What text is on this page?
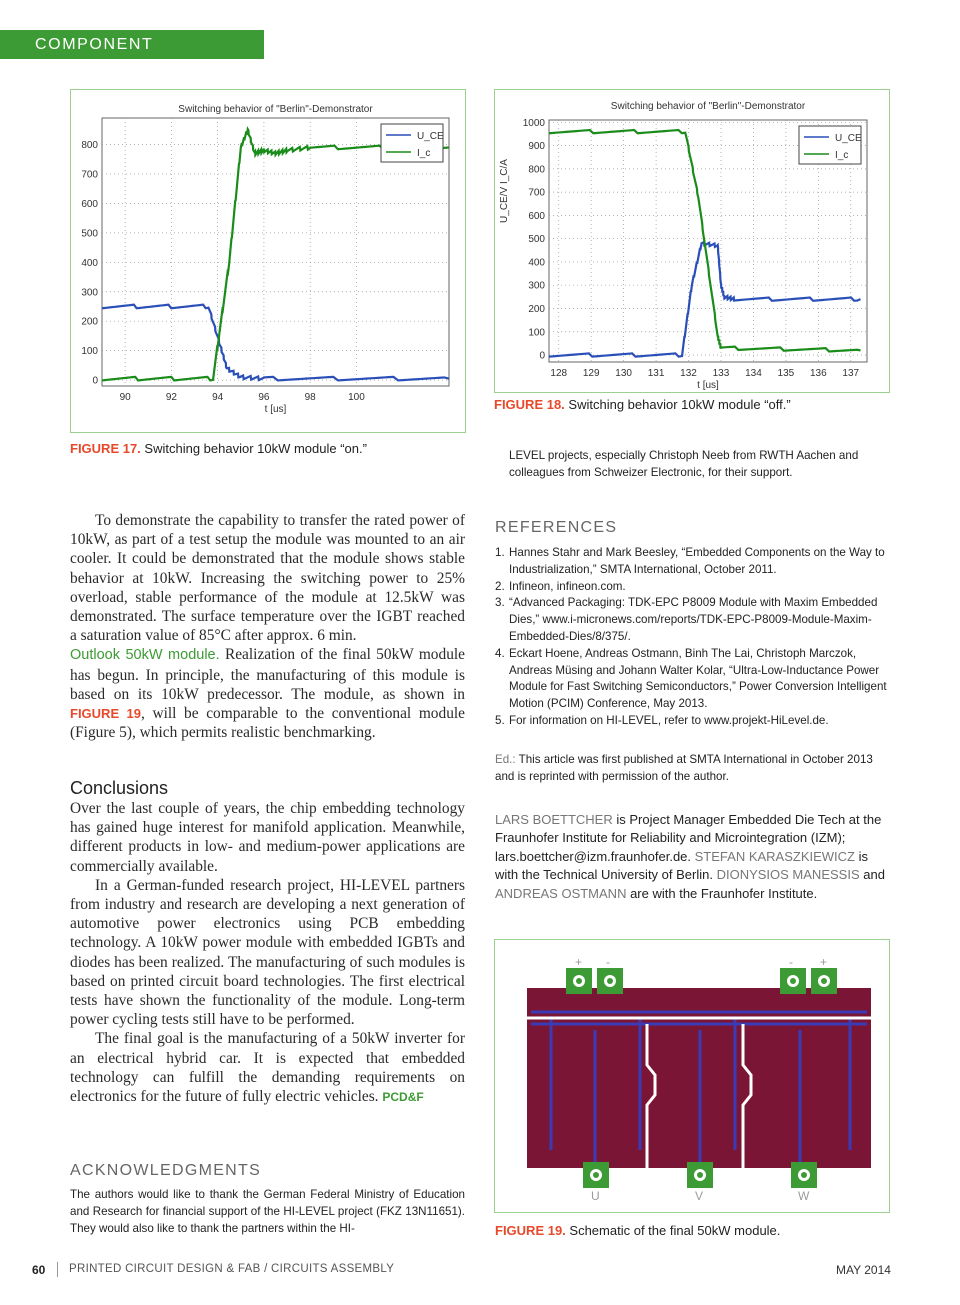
COMPONENT PACKAGING
Switching behavior of "Berlin"-Demonstrator
90	92	94	96	98	100
0
100
200
300
400
500
600
700
800
t [us]
U_CE
I_c
FIGURE 17. Switching behavior 10kW module “on.”
Switching behavior of "Berlin"-Demonstrator
128 129 130 131 132 133 134 135 136 137
0
100
200
300
400
500
600
700
800
900
1000
t [us]
U_CE/V I_C/A
U_CE
I_c
FIGURE 18. Switching behavior 10kW module “off.”
LEVEL projects, especially Christoph Neeb from RWTH Aachen and colleagues from Schweizer Electronic, for their support.

To demonstrate the capability to transfer the rated power of 10kW, as part of a test setup the module was mounted to an air cooler. It could be demonstrated that the module shows stable behavior at 10kW. Increasing the switching power to 25% overload, stable performance of the module at 12.5kW was demonstrated. The surface temperature over the IGBT reached a saturation value of 85°C after approx. 6 min.

Outlook 50kW module. Realization of the final 50kW module has begun. In principle, the manufacturing of this module is based on its 10kW predecessor. The module, as shown in FIGURE 19, will be comparable to the conventional module (Figure 5), which permits realistic benchmarking.

Conclusions

Over the last couple of years, the chip embedding technology has gained huge interest for manifold application. Meanwhile, different products in low- and medium-power applications are commercially available.

In a German-funded research project, HI-LEVEL partners from industry and research are developing a next generation of automotive power electronics using PCB embedding technology. A 10kW power module with embedded IGBTs and diodes has been realized. The manufacturing of such modules is based on printed circuit board technologies. The first electrical tests have shown the functionality of the module. Long-term power cycling tests still have to be performed.

The final goal is the manufacturing of a 50kW inverter for an electrical hybrid car. It is expected that embedded technology can fulfill the demanding requirements on electronics for the future of fully electric vehicles. PCD&F

ACKNOWLEDGMENTS
The authors would like to thank the German Federal Ministry of Education and Research for financial support of the HI-LEVEL project (FKZ 13N11651). They would also like to thank the partners within the HI-
REFERENCES
1. Hannes Stahr and Mark Beesley, “Embedded Components on the Way to Industrialization,” SMTA International, October 2011.
2. Infineon, infineon.com.
3. “Advanced Packaging: TDK-EPC P8009 Module with Maxim Embedded Dies,” www.i-micronews.com/reports/TDK-EPC-P8009-Module-Maxim-Embedded-Dies/8/375/.
4. Eckart Hoene, Andreas Ostmann, Binh The Lai, Christoph Marczok, Andreas Müsing and Johann Walter Kolar, “Ultra-Low-Inductance Power Module for Fast Switching Semiconductors,” Power Conversion Intelligent Motion (PCIM) Conference, May 2013.
5. For information on HI-LEVEL, refer to www.projekt-HiLevel.de.
Ed.: This article was first published at SMTA International in October 2013 and is reprinted with permission of the author.
LARS BOETTCHER is Project Manager Embedded Die Tech at the Fraunhofer Institute for Reliability and Microintegration (IZM); lars.boettcher@izm.fraunhofer.de. STEFAN KARASZKIEWICZ is with the Technical University of Berlin. DIONYSIOS MANESSIS and ANDREAS OSTMANN are with the Fraunhofer Institute.
+ -	- +
U	V	W
FIGURE 19. Schematic of the final 50kW module.
60 PRINTED CIRCUIT DESIGN & FAB / CIRCUITS ASSEMBLY	MAY 2014
